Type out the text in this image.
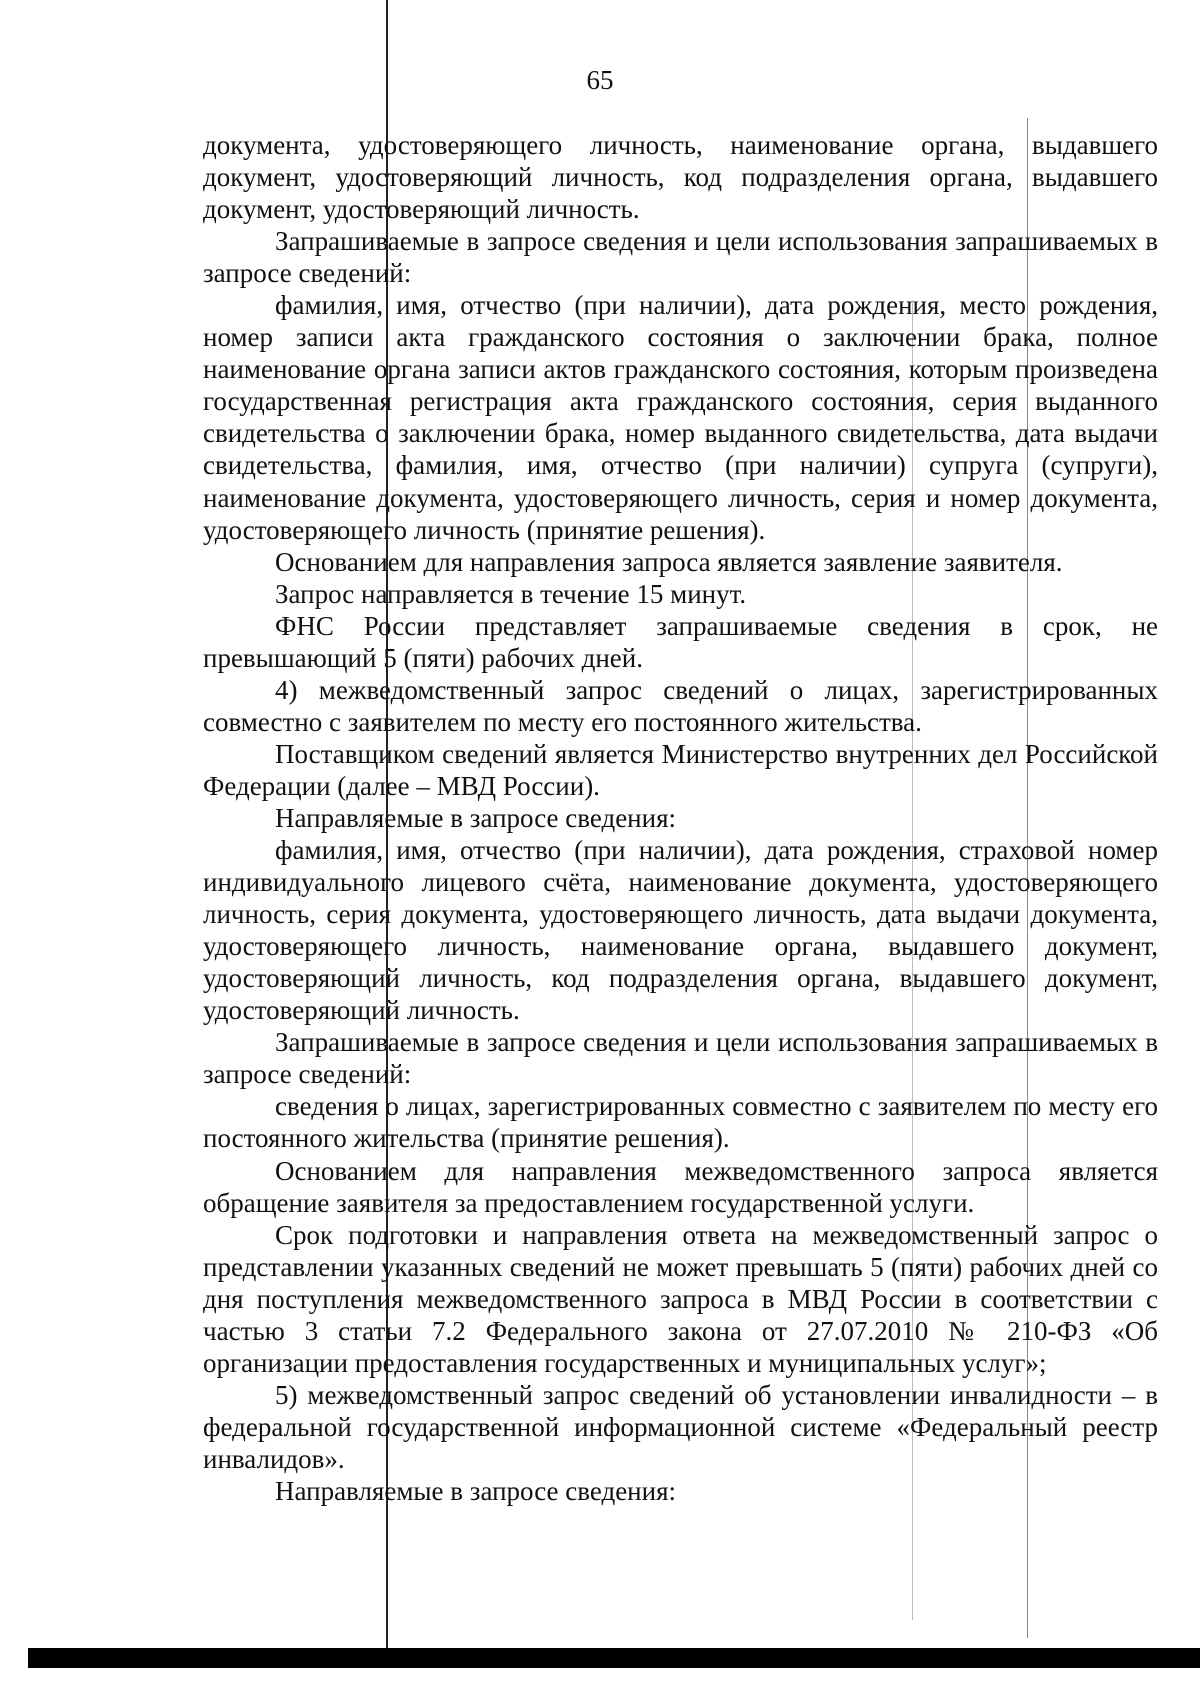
65

документа, удостоверяющего личность, наименование органа, выдавшего документ, удостоверяющий личность, код подразделения органа, выдавшего документ, удостоверяющий личность.

Запрашиваемые в запросе сведения и цели использования запрашиваемых в запросе сведений:

фамилия, имя, отчество (при наличии), дата рождения, место рождения, номер записи акта гражданского состояния о заключении брака, полное наименование органа записи актов гражданского состояния, которым произведена государственная регистрация акта гражданского состояния, серия выданного свидетельства о заключении брака, номер выданного свидетельства, дата выдачи свидетельства, фамилия, имя, отчество (при наличии) супруга (супруги), наименование документа, удостоверяющего личность, серия и номер документа, удостоверяющего личность (принятие решения).

Основанием для направления запроса является заявление заявителя.

Запрос направляется в течение 15 минут.

ФНС России представляет запрашиваемые сведения в срок, не превышающий 5 (пяти) рабочих дней.

4) межведомственный запрос сведений о лицах, зарегистрированных совместно с заявителем по месту его постоянного жительства.

Поставщиком сведений является Министерство внутренних дел Российской Федерации (далее – МВД России).

Направляемые в запросе сведения:

фамилия, имя, отчество (при наличии), дата рождения, страховой номер индивидуального лицевого счёта, наименование документа, удостоверяющего личность, серия документа, удостоверяющего личность, дата выдачи документа, удостоверяющего личность, наименование органа, выдавшего документ, удостоверяющий личность, код подразделения органа, выдавшего документ, удостоверяющий личность.

Запрашиваемые в запросе сведения и цели использования запрашиваемых в запросе сведений:

сведения о лицах, зарегистрированных совместно с заявителем по месту его постоянного жительства (принятие решения).

Основанием для направления межведомственного запроса является обращение заявителя за предоставлением государственной услуги.

Срок подготовки и направления ответа на межведомственный запрос о представлении указанных сведений не может превышать 5 (пяти) рабочих дней со дня поступления межведомственного запроса в МВД России в соответствии с частью 3 статьи 7.2 Федерального закона от 27.07.2010 № 210-ФЗ «Об организации предоставления государственных и муниципальных услуг»;

5) межведомственный запрос сведений об установлении инвалидности – в федеральной государственной информационной системе «Федеральный реестр инвалидов».

Направляемые в запросе сведения:
